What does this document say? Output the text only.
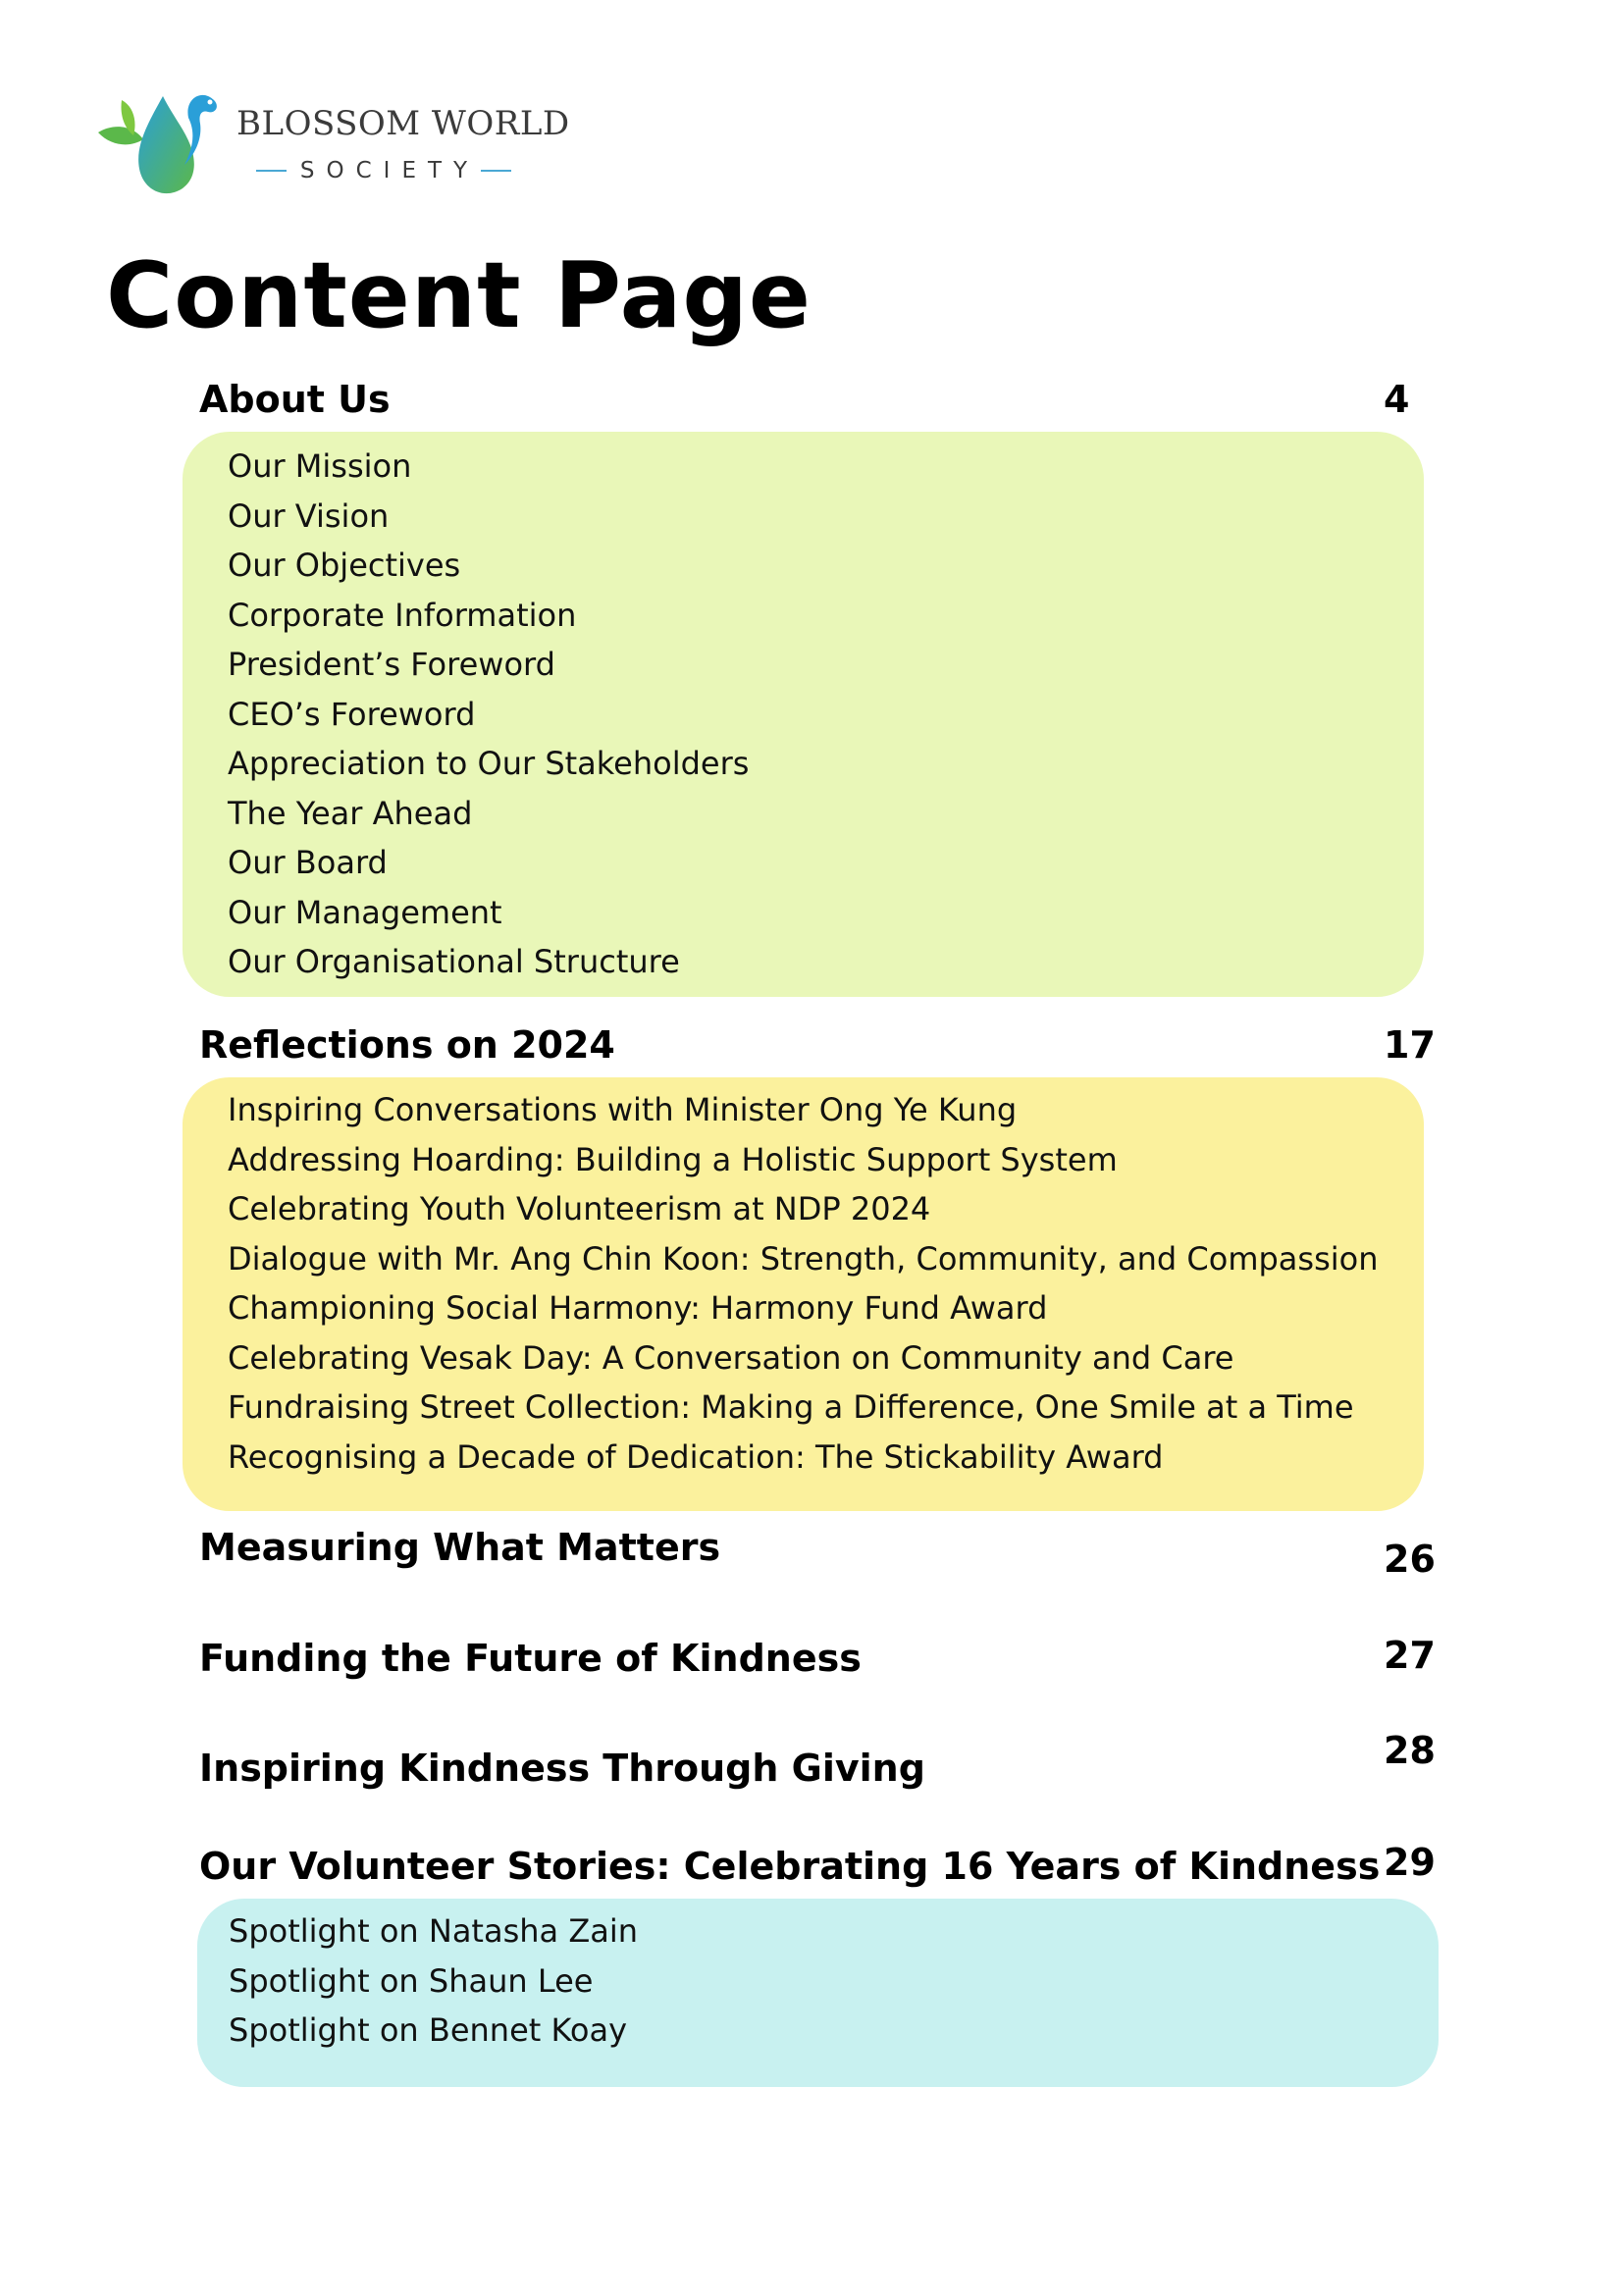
BLOSSOM WORLD
SOCIETY
Content Page
About Us	4
Our Mission
Our Vision
Our Objectives
Corporate Information
President’s Foreword
CEO’s Foreword
Appreciation to Our Stakeholders
The Year Ahead
Our Board
Our Management
Our Organisational Structure
Reflections on 2024	17
Inspiring Conversations with Minister Ong Ye Kung
Addressing Hoarding: Building a Holistic Support System
Celebrating Youth Volunteerism at NDP 2024
Dialogue with Mr. Ang Chin Koon: Strength, Community, and Compassion
Championing Social Harmony: Harmony Fund Award
Celebrating Vesak Day: A Conversation on Community and Care
Fundraising Street Collection: Making a Difference, One Smile at a Time
Recognising a Decade of Dedication: The Stickability Award
Measuring What Matters	26
Funding the Future of Kindness	27
Inspiring Kindness Through Giving	28
Our Volunteer Stories: Celebrating 16 Years of Kindness 29
Spotlight on Natasha Zain
Spotlight on Shaun Lee
Spotlight on Bennet Koay
